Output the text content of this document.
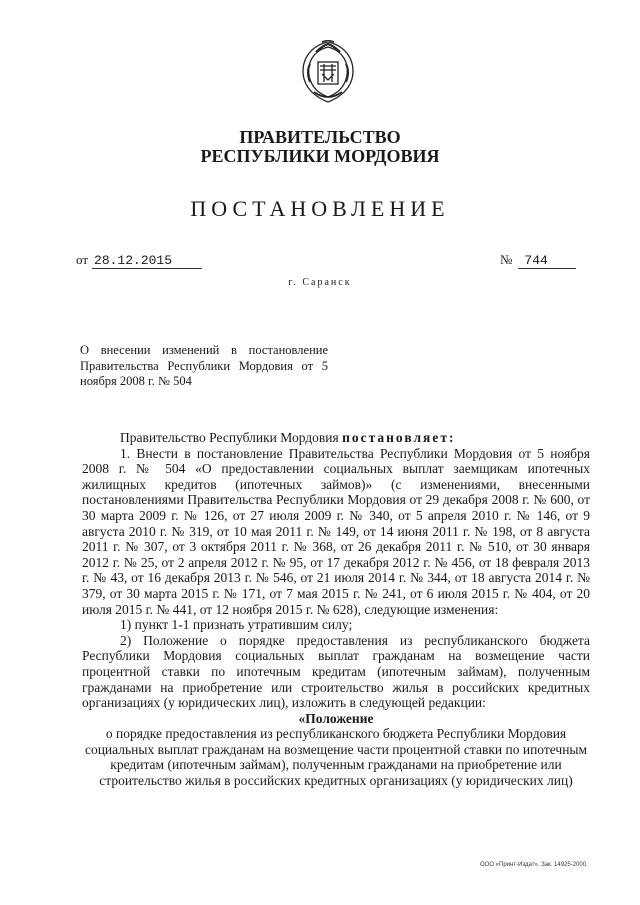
ПРАВИТЕЛЬСТВО
РЕСПУБЛИКИ МОРДОВИЯ
ПОСТАНОВЛЕНИЕ
от 28.12.2015	№ 744
г. Саранск

О внесении изменений в постановление Правительства Республики Мордовия от 5 ноября 2008 г. № 504

Правительство Республики Мордовия постановляет:

1. Внести в постановление Правительства Республики Мордовия от 5 ноября 2008 г. № 504 «О предоставлении социальных выплат заемщикам ипотечных жилищных кредитов (ипотечных займов)» (с изменениями, внесенными постановлениями Правительства Республики Мордовия от 29 декабря 2008 г. № 600, от 30 марта 2009 г. № 126, от 27 июля 2009 г. № 340, от 5 апреля 2010 г. № 146, от 9 августа 2010 г. № 319, от 10 мая 2011 г. № 149, от 14 июня 2011 г. № 198, от 8 августа 2011 г. № 307, от 3 октября 2011 г. № 368, от 26 декабря 2011 г. № 510, от 30 января 2012 г. № 25, от 2 апреля 2012 г. № 95, от 17 декабря 2012 г. № 456, от 18 февраля 2013 г. № 43, от 16 декабря 2013 г. № 546, от 21 июля 2014 г. № 344, от 18 августа 2014 г. № 379, от 30 марта 2015 г. № 171, от 7 мая 2015 г. № 241, от 6 июля 2015 г. № 404, от 20 июля 2015 г. № 441, от 12 ноября 2015 г. № 628), следующие изменения:

1) пункт 1-1 признать утратившим силу;

2) Положение о порядке предоставления из республиканского бюджета Республики Мордовия социальных выплат гражданам на возмещение части процентной ставки по ипотечным кредитам (ипотечным займам), полученным гражданами на приобретение или строительство жилья в российских кредитных организациях (у юридических лиц), изложить в следующей редакции:

«Положение

о порядке предоставления из республиканского бюджета Республики Мордовия социальных выплат гражданам на возмещение части процентной ставки по ипотечным кредитам (ипотечным займам), полученным гражданами на приобретение или строительство жилья в российских кредитных организациях (у юридических лиц)

ООО «Принт-Издат». Зак. 14925-2000.
